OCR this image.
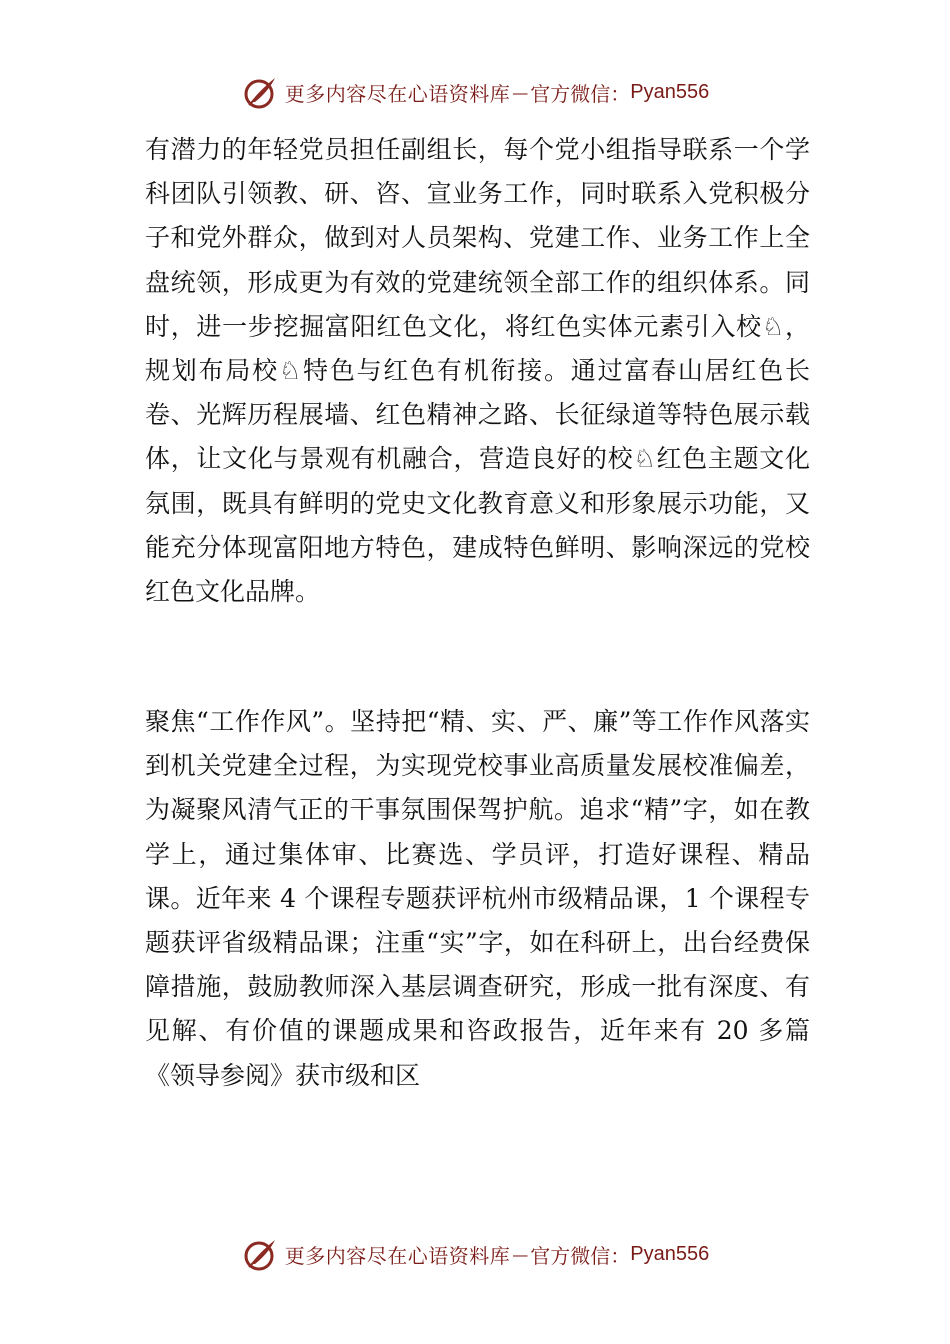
更多内容尽在心语资料库 — 官方微信： Pyan556

有潜力的年轻党员担任副组长，每个党小组指导联系一个学科团队引领教、研、咨、宣业务工作，同时联系入党积极分子和党外群众，做到对人员架构、党建工作、业务工作上全盘统领，形成更为有效的党建统领全部工作的组织体系。同时，进一步挖掘富阳红色文化，将红色实体元素引入校♘，规划布局校♘特色与红色有机衔接。通过富春山居红色长卷、光辉历程展墙、红色精神之路、长征绿道等特色展示载体，让文化与景观有机融合，营造良好的校♘红色主题文化氛围，既具有鲜明的党史文化教育意义和形象展示功能，又能充分体现富阳地方特色，建成特色鲜明、影响深远的党校红色文化品牌。

聚焦“工作作风”。坚持把“精、实、严、廉”等工作作风落实到机关党建全过程，为实现党校事业高质量发展校准偏差，为凝聚风清气正的干事氛围保驾护航。追求“精”字，如在教学上，通过集体审、比赛选、学员评，打造好课程、精品课。近年来 4 个课程专题获评杭州市级精品课，1 个课程专题获评省级精品课；注重“实”字，如在科研上，出台经费保障措施，鼓励教师深入基层调查研究，形成一批有深度、有见解、有价值的课题成果和咨政报告，近年来有 20 多篇《领导参阅》获市级和区

更多内容尽在心语资料库 — 官方微信： Pyan556
